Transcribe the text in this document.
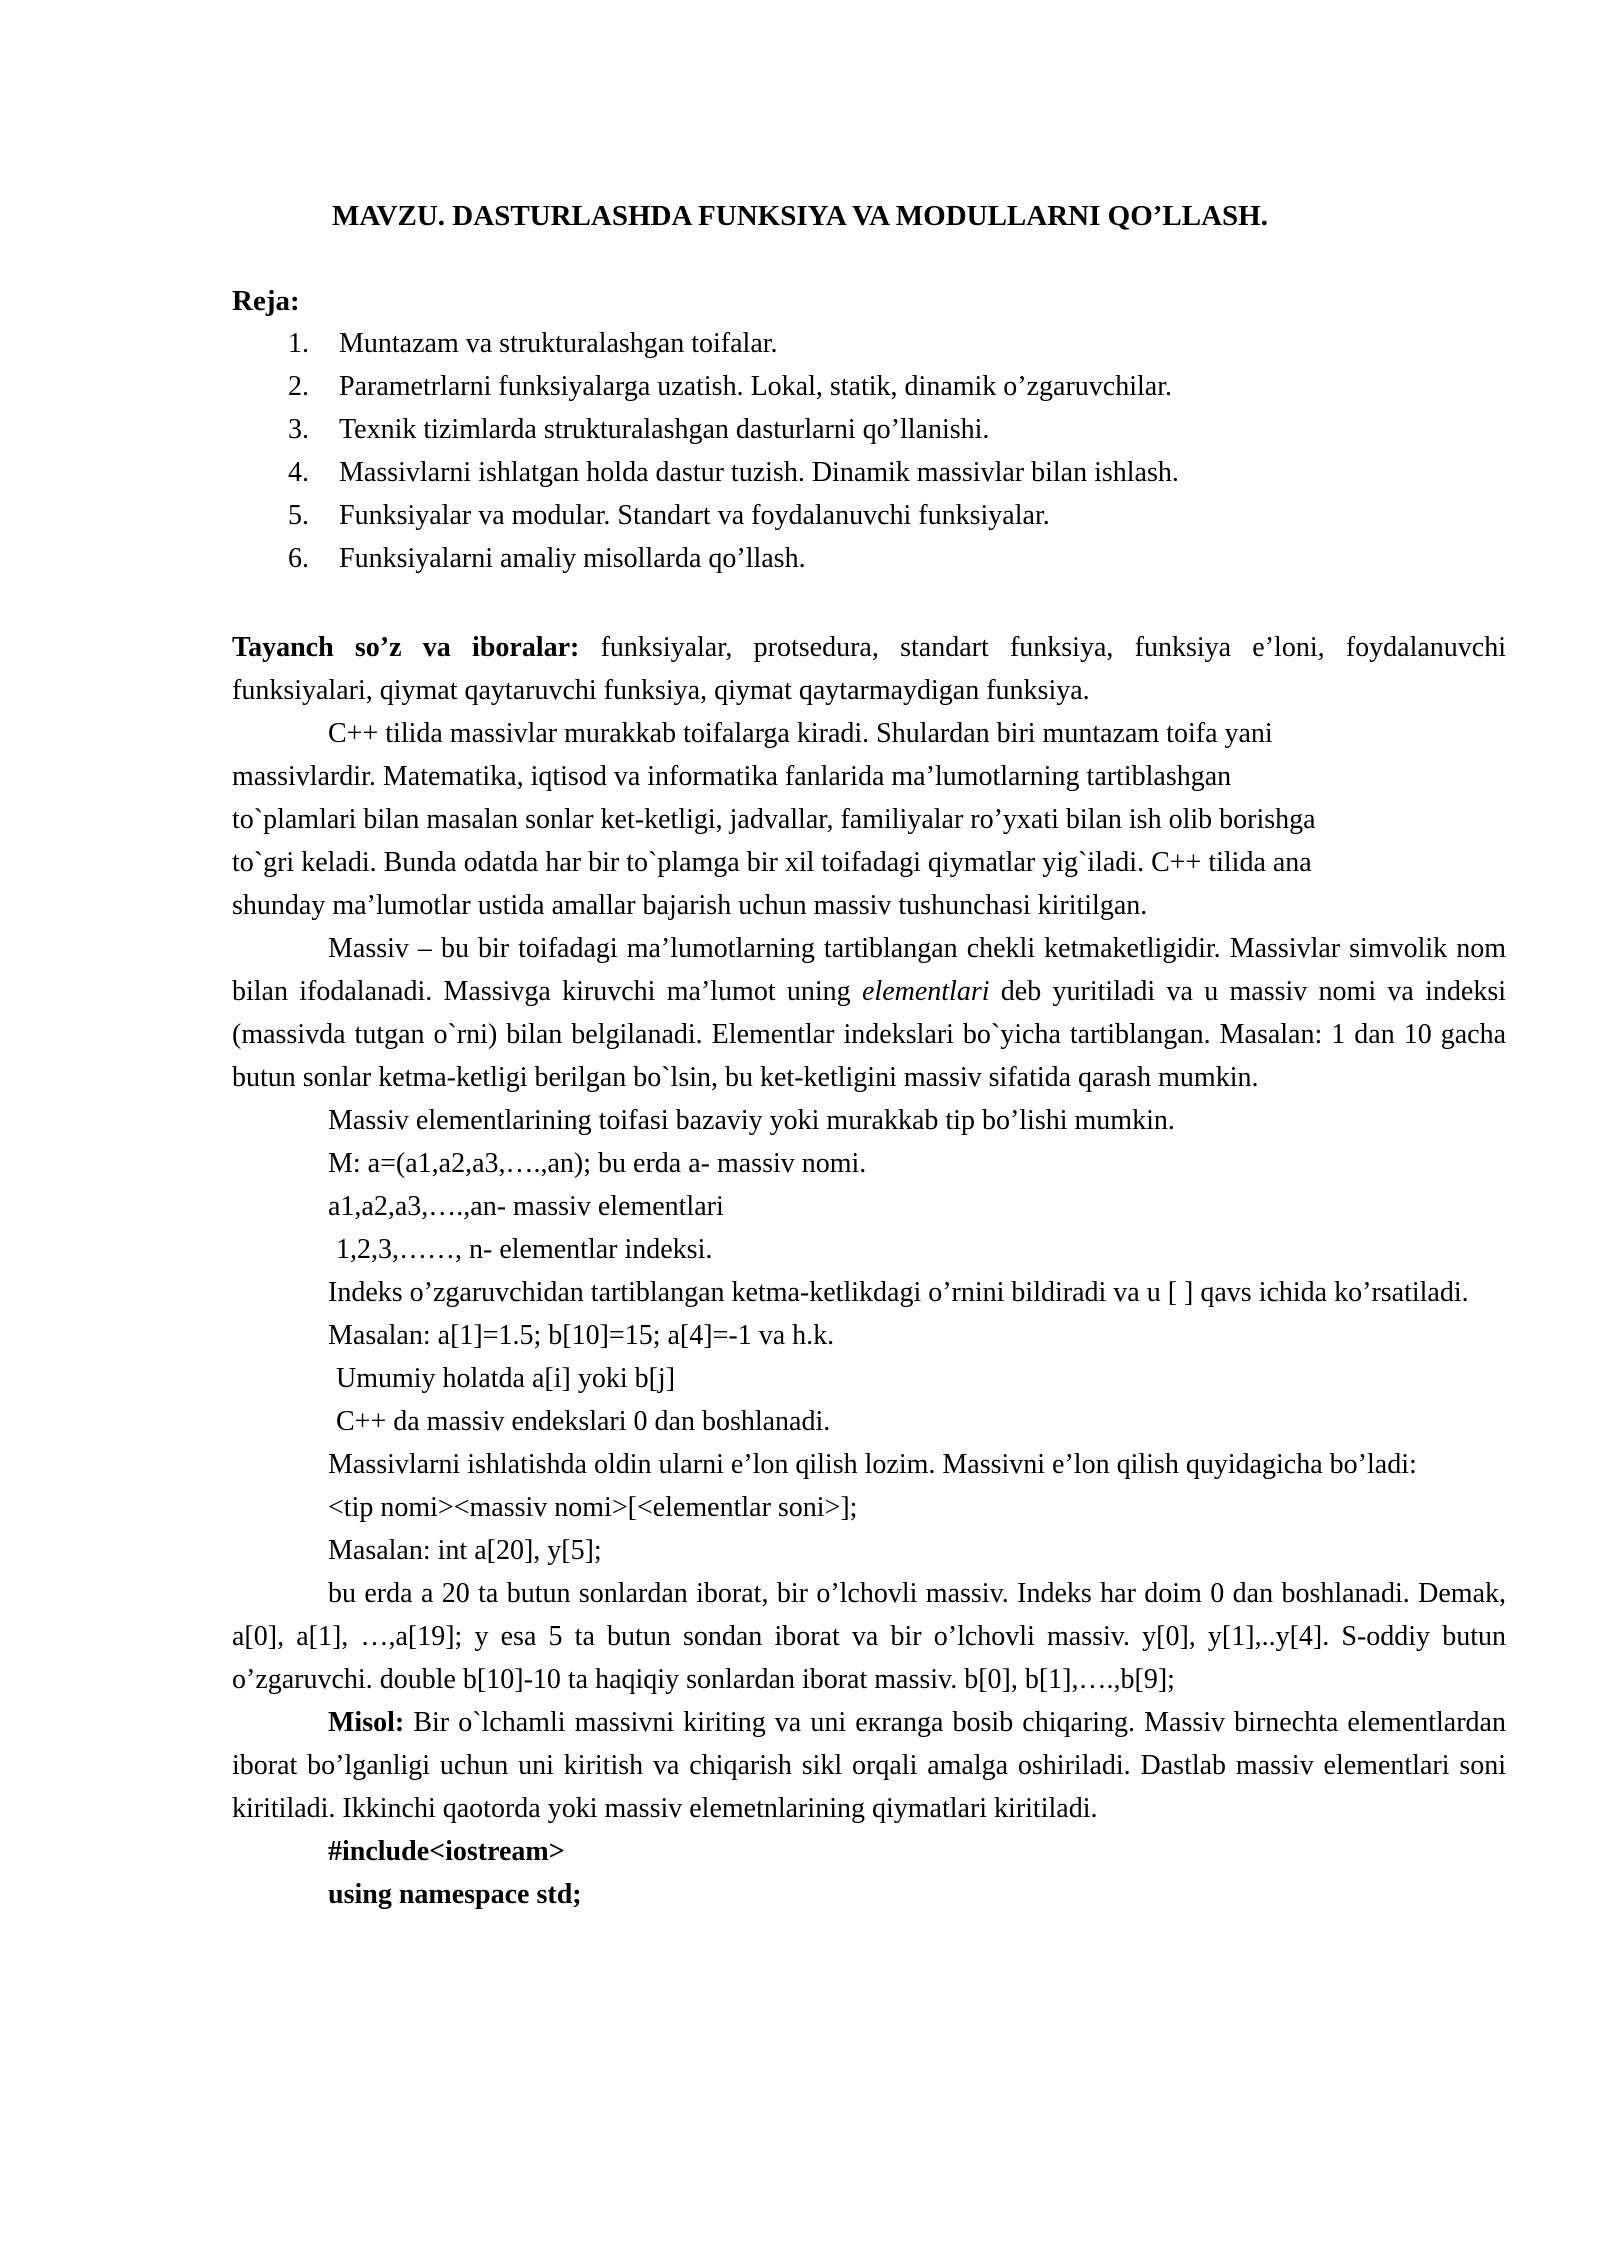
MAVZU. DASTURLASHDA FUNKSIYA VA MODULLARNI QO’LLASH.
Reja:
1. Muntazam va strukturalashgan toifalar.
2. Parametrlarni funksiyalarga uzatish. Lokal, statik, dinamik o’zgaruvchilar.
3. Texnik tizimlarda strukturalashgan dasturlarni qo’llanishi.
4. Massivlarni ishlatgan holda dastur tuzish. Dinamik massivlar bilan ishlash.
5. Funksiyalar va modular. Standart va foydalanuvchi funksiyalar.
6. Funksiyalarni amaliy misollarda qo’llash.

Tayanch so’z va iboralar: funksiyalar, protsedura, standart funksiya, funksiya e’loni, foydalanuvchi funksiyalari, qiymat qaytaruvchi funksiya, qiymat qaytarmaydigan funksiya.

C++ tilida massivlar murakkab toifalarga kiradi. Shulardan biri muntazam toifa yani

massivlardir. Matematika, iqtisod va informatika fanlarida ma’lumotlarning tartiblashgan

to`plamlari bilan masalan sonlar ket-ketligi, jadvallar, familiyalar ro’yxati bilan ish olib borishga

to`gri keladi. Bunda odatda har bir to`plamga bir xil toifadagi qiymatlar yig`iladi. C++ tilida ana

shunday ma’lumotlar ustida amallar bajarish uchun massiv tushunchasi kiritilgan.

Massiv – bu bir toifadagi ma’lumotlarning tartiblangan chekli ketmaketligidir. Massivlar simvolik nom bilan ifodalanadi. Massivga kiruvchi ma’lumot uning elementlari deb yuritiladi va u massiv nomi va indeksi (massivda tutgan o`rni) bilan belgilanadi. Elementlar indekslari bo`yicha tartiblangan. Masalan: 1 dan 10 gacha butun sonlar ketma-ketligi berilgan bo`lsin, bu ket-ketligini massiv sifatida qarash mumkin.

Massiv elementlarining toifasi bazaviy yoki murakkab tip bo’lishi mumkin.

M: a=(a1,a2,a3,….,an); bu erda a- massiv nomi.

a1,a2,a3,….,an- massiv elementlari

1,2,3,……, n- elementlar indeksi.

Indeks o’zgaruvchidan tartiblangan ketma-ketlikdagi o’rnini bildiradi va u [ ] qavs ichida ko’rsatiladi.

Masalan: a[1]=1.5; b[10]=15; a[4]=-1 va h.k.

Umumiy holatda a[i] yoki b[j]

C++ da massiv endekslari 0 dan boshlanadi.

Massivlarni ishlatishda oldin ularni e’lon qilish lozim. Massivni e’lon qilish quyidagicha bo’ladi:

<tip nomi><massiv nomi>[<elementlar soni>];

Masalan: int a[20], y[5];

bu erda a 20 ta butun sonlardan iborat, bir o’lchovli massiv. Indeks har doim 0 dan boshlanadi. Demak, a[0], a[1], …,a[19]; y esa 5 ta butun sondan iborat va bir o’lchovli massiv. y[0], y[1],..y[4]. S-oddiy butun o’zgaruvchi. double b[10]-10 ta haqiqiy sonlardan iborat massiv. b[0], b[1],….,b[9];

Misol: Bir o`lchamli massivni kiriting va uni eкranga bosib chiqaring. Massiv birnechta elementlardan iborat bo’lganligi uchun uni kiritish va chiqarish sikl orqali amalga oshiriladi. Dastlab massiv elementlari soni kiritiladi. Ikkinchi qaotorda yoki massiv elemetnlarining qiymatlari kiritiladi.

#include<iostream>

using namespace std;
